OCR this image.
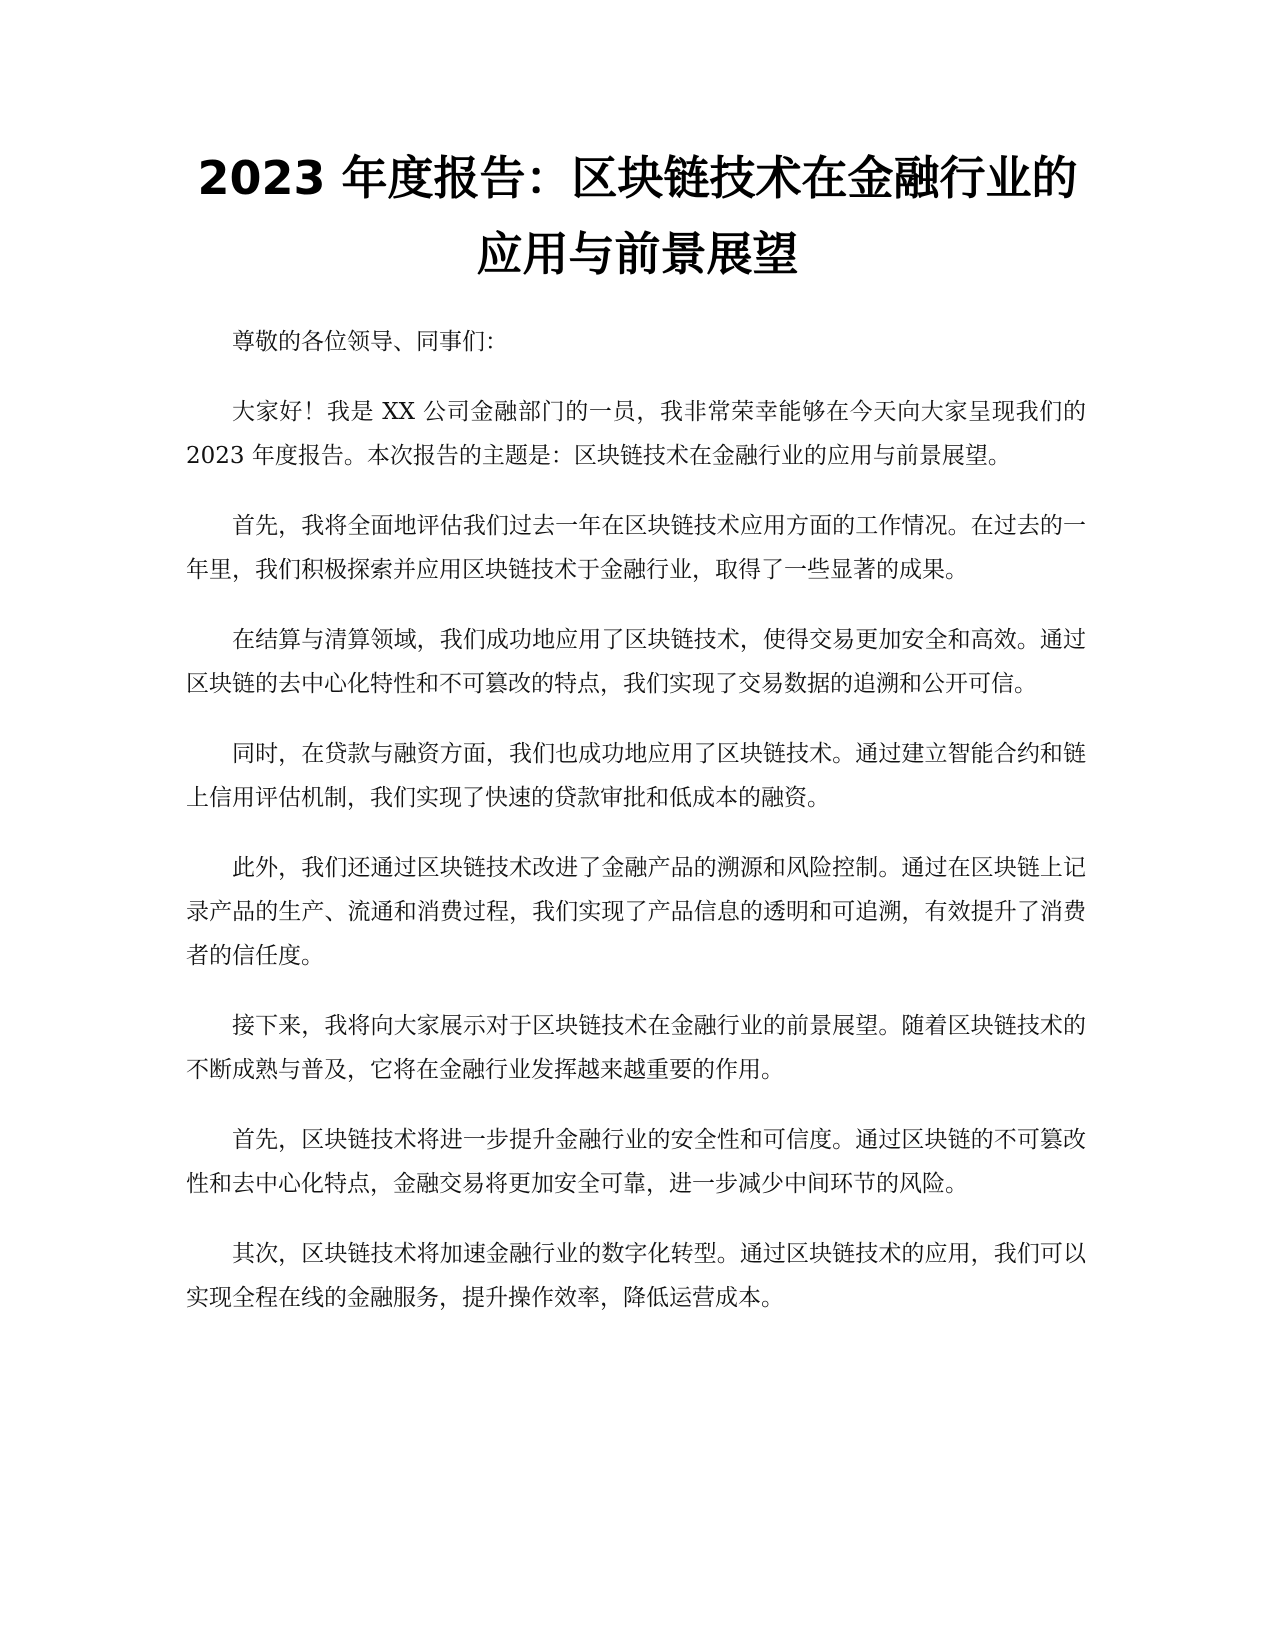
2023 年度报告：区块链技术在金融行业的应用与前景展望

尊敬的各位领导、同事们：

大家好！我是 XX 公司金融部门的一员，我非常荣幸能够在今天向大家呈现我们的 2023 年度报告。本次报告的主题是：区块链技术在金融行业的应用与前景展望。

首先，我将全面地评估我们过去一年在区块链技术应用方面的工作情况。在过去的一年里，我们积极探索并应用区块链技术于金融行业，取得了一些显著的成果。

在结算与清算领域，我们成功地应用了区块链技术，使得交易更加安全和高效。通过区块链的去中心化特性和不可篡改的特点，我们实现了交易数据的追溯和公开可信。

同时，在贷款与融资方面，我们也成功地应用了区块链技术。通过建立智能合约和链上信用评估机制，我们实现了快速的贷款审批和低成本的融资。

此外，我们还通过区块链技术改进了金融产品的溯源和风险控制。通过在区块链上记录产品的生产、流通和消费过程，我们实现了产品信息的透明和可追溯，有效提升了消费者的信任度。

接下来，我将向大家展示对于区块链技术在金融行业的前景展望。随着区块链技术的不断成熟与普及，它将在金融行业发挥越来越重要的作用。

首先，区块链技术将进一步提升金融行业的安全性和可信度。通过区块链的不可篡改性和去中心化特点，金融交易将更加安全可靠，进一步减少中间环节的风险。

其次，区块链技术将加速金融行业的数字化转型。通过区块链技术的应用，我们可以实现全程在线的金融服务，提升操作效率，降低运营成本。
